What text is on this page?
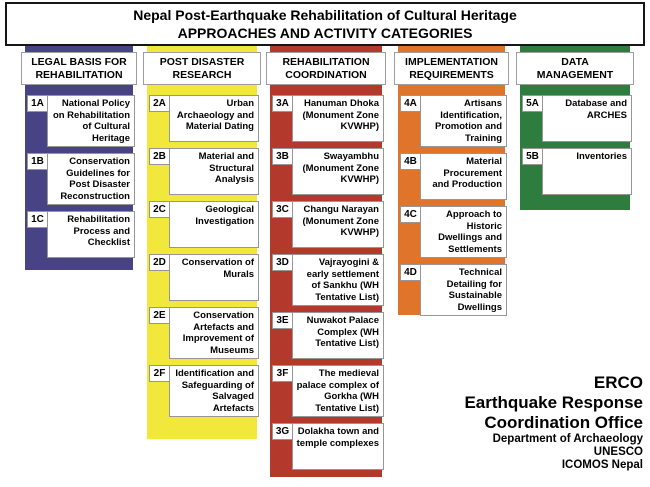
Nepal Post-Earthquake Rehabilitation of Cultural Heritage
APPROACHES AND ACTIVITY CATEGORIES
LEGAL BASIS FOR REHABILITATION
1A	National Policy on Rehabilitation of Cultural Heritage
1B	Conservation Guidelines for Post Disaster Reconstruction
1C	Rehabilitation Process and Checklist
POST DISASTER RESEARCH
2A	Urban Archaeology and Material Dating
2B	Material and Structural Analysis
2C	Geological Investigation
2D	Conservation of Murals
2E	Conservation Artefacts and Improvement of Museums
2F	Identification and Safeguarding of Salvaged Artefacts
REHABILITATION COORDINATION
3A	Hanuman Dhoka (Monument Zone KVWHP)
3B	Swayambhu (Monument Zone KVWHP)
3C	Changu Narayan (Monument Zone KVWHP)
3D	Vajrayogini & early settlement of Sankhu (WH Tentative List)
3E	Nuwakot Palace Complex (WH Tentative List)
3F	The medieval palace complex of Gorkha (WH Tentative List)
3G Dolakha town and temple complexes
IMPLEMENTATION REQUIREMENTS
4A	Artisans Identification, Promotion and Training
4B	Material Procurement and Production
4C	Approach to Historic Dwellings and Settlements
4D	Technical Detailing for Sustainable Dwellings
DATA MANAGEMENT
5A	Database and ARCHES
5B	Inventories
ERCO
Earthquake Response
Coordination Office
Department of Archaeology
UNESCO
ICOMOS Nepal
